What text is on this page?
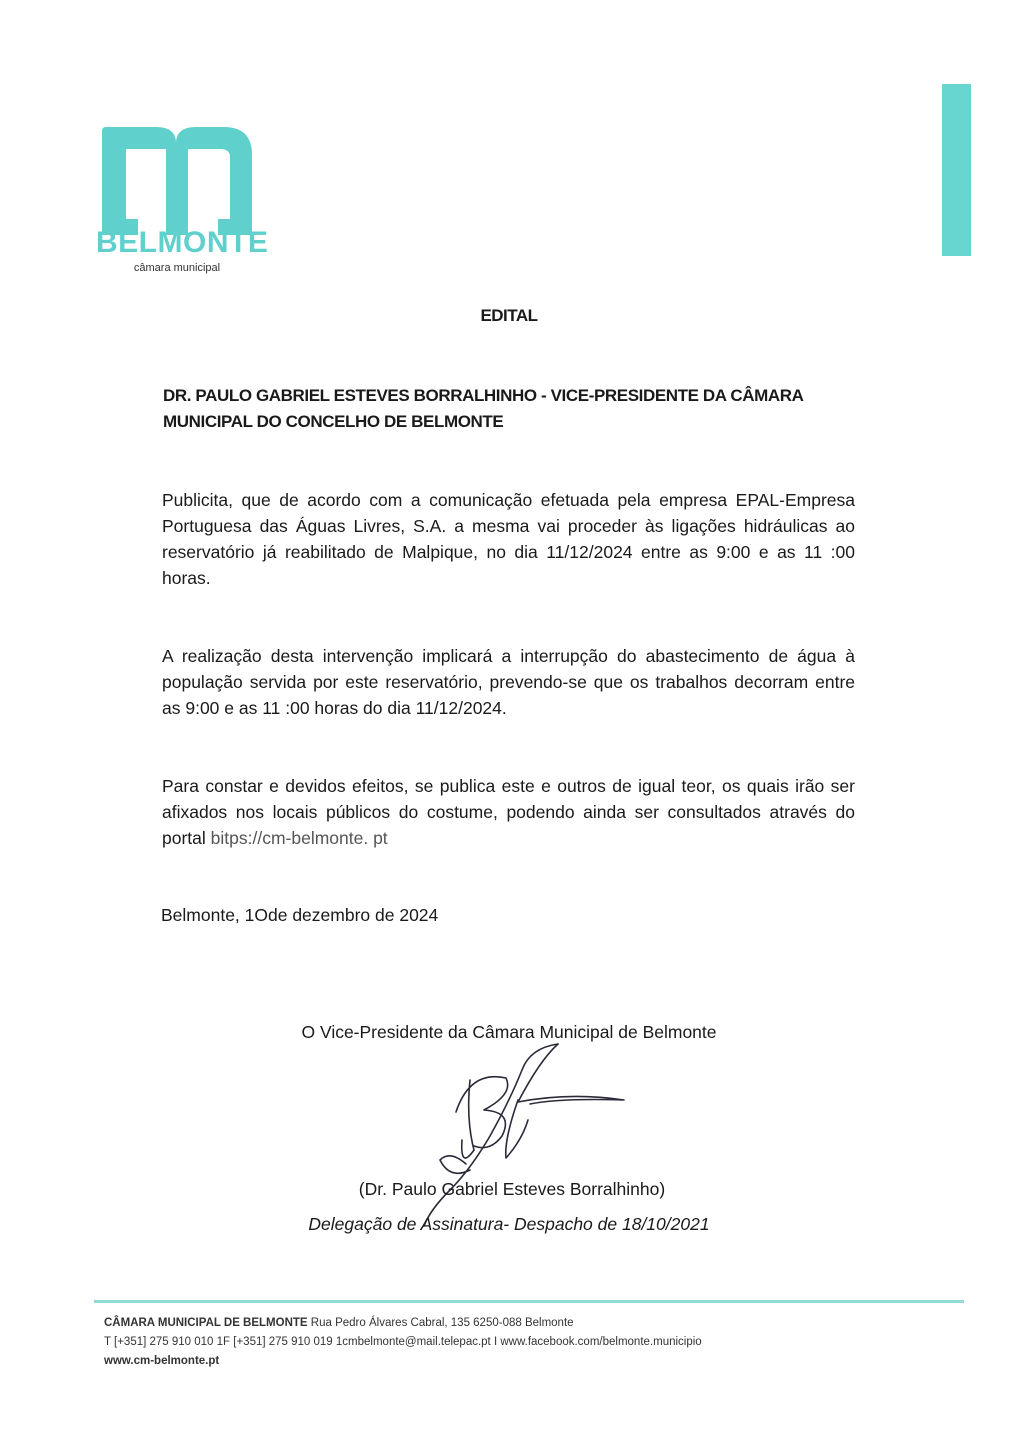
BELMONTE
câmara municipal
EDITAL
DR. PAULO GABRIEL ESTEVES BORRALHINHO - VICE-PRESIDENTE DA CÂMARA MUNICIPAL DO CONCELHO DE BELMONTE
Publicita, que de acordo com a comunicação efetuada pela empresa EPAL-Empresa Portuguesa das Águas Livres, S.A. a mesma vai proceder às ligações hidráulicas ao reservatório já reabilitado de Malpique, no dia 11/12/2024 entre as 9:00 e as 11 :00 horas.
A realização desta intervenção implicará a interrupção do abastecimento de água à população servida por este reservatório, prevendo-se que os trabalhos decorram entre as 9:00 e as 11 :00 horas do dia 11/12/2024.
Para constar e devidos efeitos, se publica este e outros de igual teor, os quais irão ser afixados nos locais públicos do costume, podendo ainda ser consultados através do portal bitps://cm-belmonte. pt
Belmonte, 1Ode dezembro de 2024
O Vice-Presidente da Câmara Municipal de Belmonte
(Dr. Paulo Gabriel Esteves Borralhinho)
Delegação de Assinatura- Despacho de 18/10/2021
CÂMARA MUNICIPAL DE BELMONTE Rua Pedro Álvares Cabral, 135 6250-088 Belmonte
T [+351] 275 910 010 1F [+351] 275 910 019 1cmbelmonte@mail.telepac.pt I www.facebook.com/belmonte.municipio
www.cm-belmonte.pt
